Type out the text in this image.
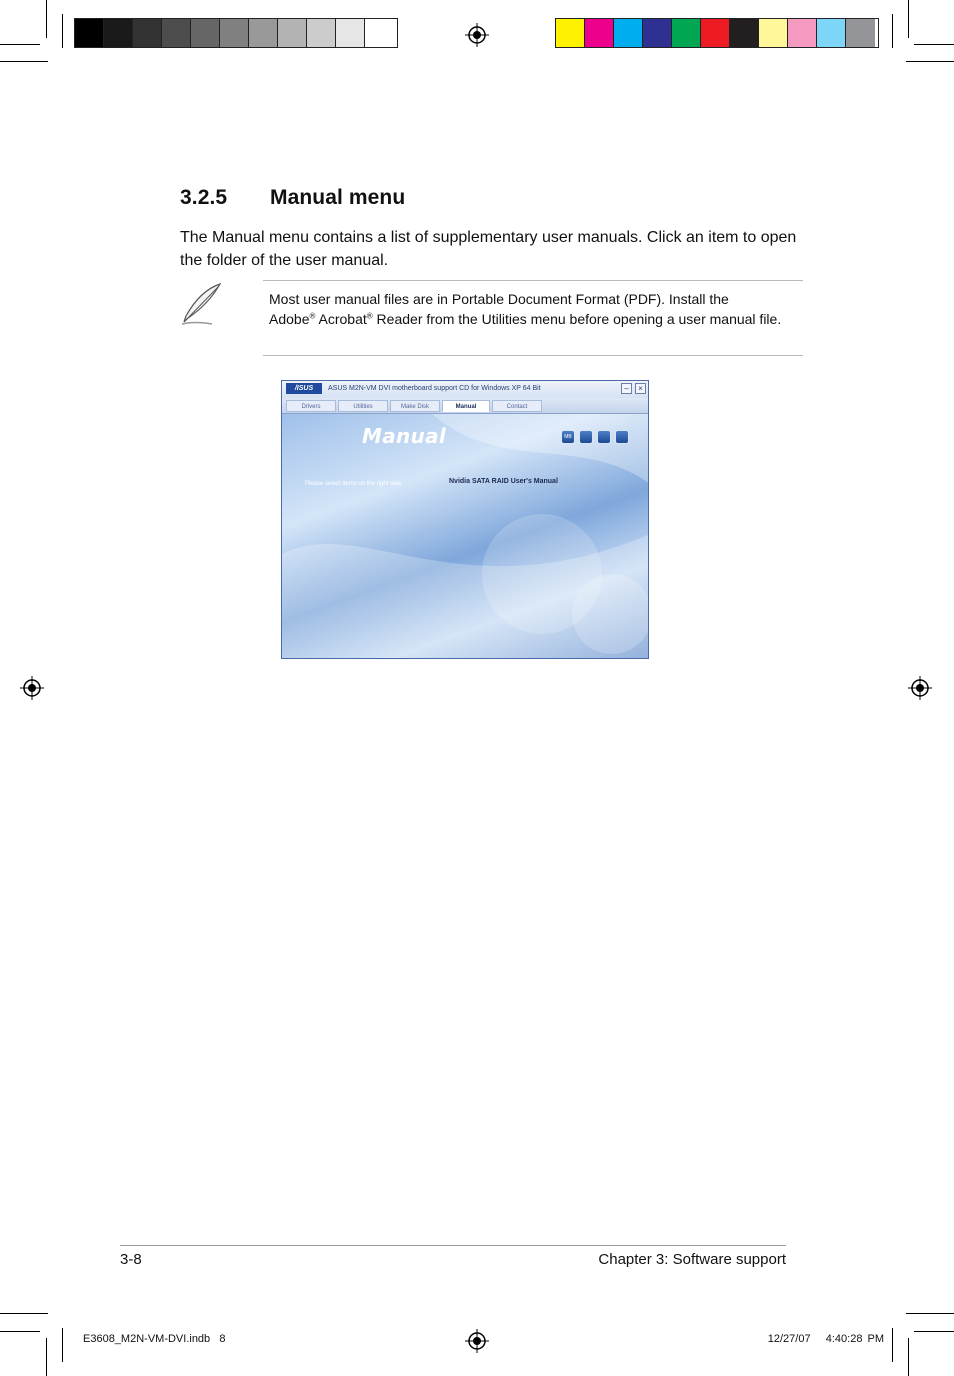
3.2.5 Manual menu
The Manual menu contains a list of supplementary user manuals. Click an item to open the folder of the user manual.
Most user manual files are in Portable Document Format (PDF). Install the
Adobe® Acrobat® Reader from the Utilities menu before opening a user manual file.
/ISUS	ASUS M2N-VM DVI motherboard support CD for Windows XP 64 Bit	–	×
Drivers	Utilities	Make Disk	Manual	Contact
Manual	MB
Please select items on the right side.	Nvidia SATA RAID User's Manual
3-8	Chapter 3: Software support
E3608_M2N-VM-DVI.indb   8	12/27/07   4:40:28 PM
